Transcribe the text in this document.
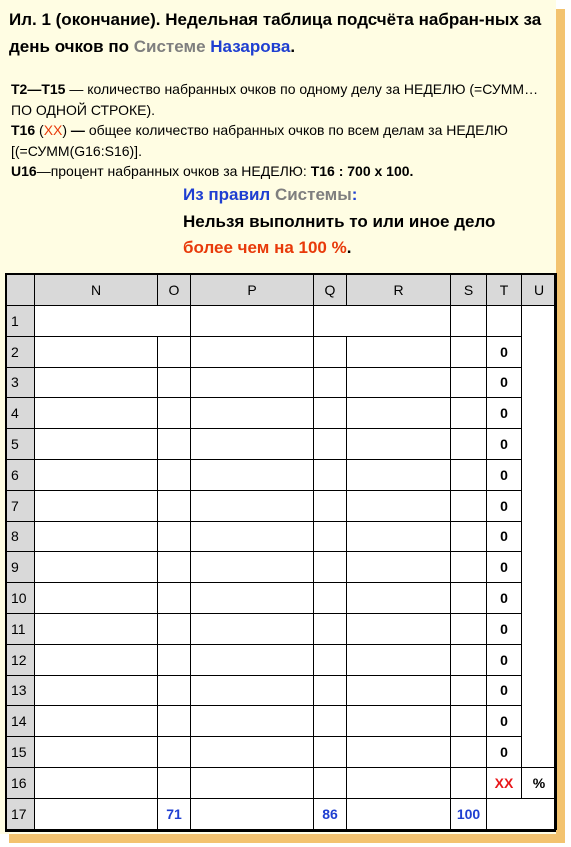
Ил. 1 (окончание). Недельная таблица подсчёта набран-ных за день очков по Системе Назарова.
Т2—Т15 — количество набранных очков по одному делу за НЕДЕЛЮ (=СУММ… ПО ОДНОЙ СТРОКЕ).
Т16 (XX) — общее количество набранных очков по всем делам за НЕДЕЛЮ [(=СУММ(G16:S16)].
U16—процент набранных очков за НЕДЕЛЮ: Т16 : 700 х 100.
Из правил Системы:
Нельзя выполнить то или иное дело
более чем на 100 %.
	N	O	P	Q	R	S	T	U
1								
2							0	
3							0	
4							0	
5							0	
6							0	
7							0	
8							0	
9							0	
10							0	
11							0	
12							0	
13							0	
14							0	
15							0	
16							XX	%
17		71		86		100		
